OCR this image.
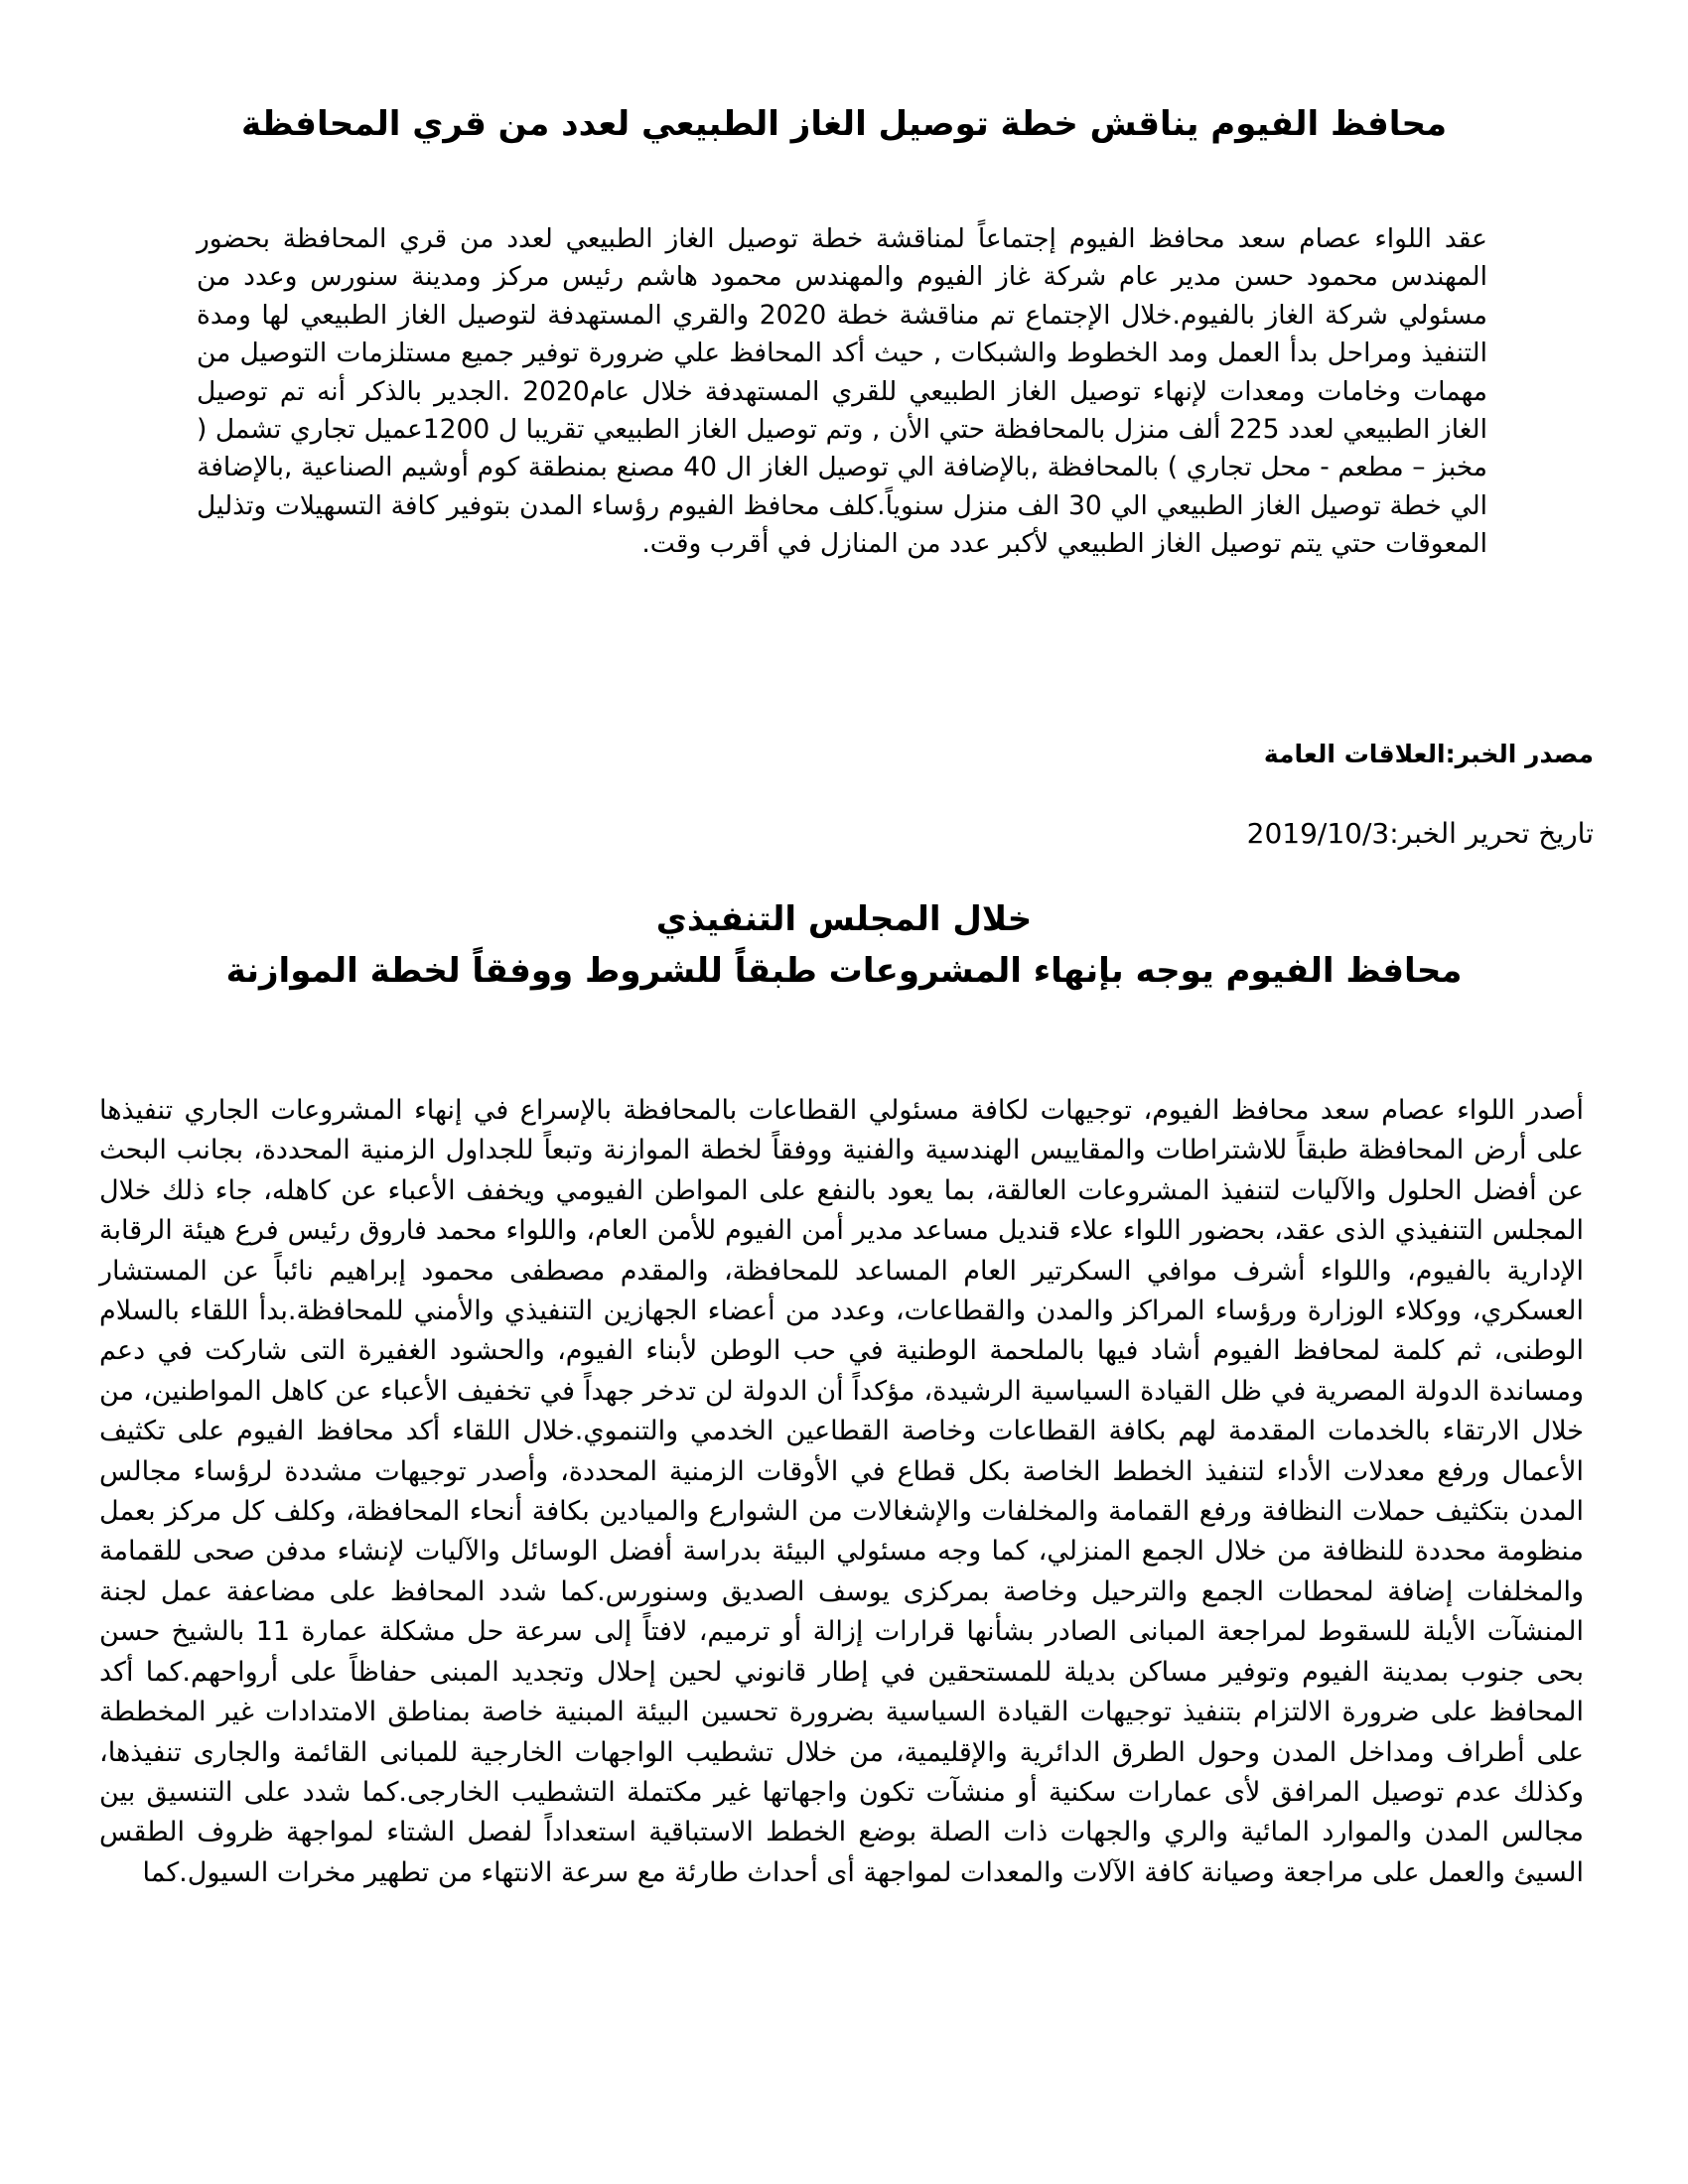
محافظ الفيوم يناقش خطة توصيل الغاز الطبيعي لعدد من قري المحافظة

عقد اللواء عصام سعد محافظ الفيوم إجتماعاً لمناقشة خطة توصيل الغاز الطبيعي لعدد من قري المحافظة بحضور المهندس محمود حسن مدير عام شركة غاز الفيوم والمهندس محمود هاشم رئيس مركز ومدينة سنورس وعدد من مسئولي شركة الغاز بالفيوم.خلال الإجتماع تم مناقشة خطة 2020 والقري المستهدفة لتوصيل الغاز الطبيعي لها ومدة التنفيذ ومراحل بدأ العمل ومد الخطوط والشبكات , حيث أكد المحافظ علي ضرورة توفير جميع مستلزمات التوصيل من مهمات وخامات ومعدات لإنهاء توصيل الغاز الطبيعي للقري المستهدفة خلال عام2020 .الجدير بالذكر أنه تم توصيل الغاز الطبيعي لعدد 225 ألف منزل بالمحافظة حتي الأن , وتم توصيل الغاز الطبيعي تقريبا ل 1200عميل تجاري تشمل ( مخبز – مطعم - محل تجاري ) بالمحافظة ,بالإضافة الي توصيل الغاز ال 40 مصنع بمنطقة كوم أوشيم الصناعية ,بالإضافة الي خطة توصيل الغاز الطبيعي الي 30 الف منزل سنوياً.كلف محافظ الفيوم رؤساء المدن بتوفير كافة التسهيلات وتذليل المعوقات حتي يتم توصيل الغاز الطبيعي لأكبر عدد من المنازل في أقرب وقت.

مصدر الخبر:العلاقات العامة

تاريخ تحرير الخبر:2019/10/3

خلال المجلس التنفيذي
محافظ الفيوم يوجه بإنهاء المشروعات طبقاً للشروط ووفقاً لخطة الموازنة

أصدر اللواء عصام سعد محافظ الفيوم، توجيهات لكافة مسئولي القطاعات بالمحافظة بالإسراع في إنهاء المشروعات الجاري تنفيذها على أرض المحافظة طبقاً للاشتراطات والمقاييس الهندسية والفنية ووفقاً لخطة الموازنة وتبعاً للجداول الزمنية المحددة، بجانب البحث عن أفضل الحلول والآليات لتنفيذ المشروعات العالقة، بما يعود بالنفع على المواطن الفيومي ويخفف الأعباء عن كاهله، جاء ذلك خلال المجلس التنفيذي الذى عقد، بحضور اللواء علاء قنديل مساعد مدير أمن الفيوم للأمن العام، واللواء محمد فاروق رئيس فرع هيئة الرقابة الإدارية بالفيوم، واللواء أشرف موافي السكرتير العام المساعد للمحافظة، والمقدم مصطفى محمود إبراهيم نائباً عن المستشار العسكري، ووكلاء الوزارة ورؤساء المراكز والمدن والقطاعات، وعدد من أعضاء الجهازين التنفيذي والأمني للمحافظة.بدأ اللقاء بالسلام الوطنى، ثم كلمة لمحافظ الفيوم أشاد فيها بالملحمة الوطنية في حب الوطن لأبناء الفيوم، والحشود الغفيرة التى شاركت في دعم ومساندة الدولة المصرية في ظل القيادة السياسية الرشيدة، مؤكداً أن الدولة لن تدخر جهداً في تخفيف الأعباء عن كاهل المواطنين، من خلال الارتقاء بالخدمات المقدمة لهم بكافة القطاعات وخاصة القطاعين الخدمي والتنموي.خلال اللقاء أكد محافظ الفيوم على تكثيف الأعمال ورفع معدلات الأداء لتنفيذ الخطط الخاصة بكل قطاع في الأوقات الزمنية المحددة، وأصدر توجيهات مشددة لرؤساء مجالس المدن بتكثيف حملات النظافة ورفع القمامة والمخلفات والإشغالات من الشوارع والميادين بكافة أنحاء المحافظة، وكلف كل مركز بعمل منظومة محددة للنظافة من خلال الجمع المنزلي، كما وجه مسئولي البيئة بدراسة أفضل الوسائل والآليات لإنشاء مدفن صحى للقمامة والمخلفات إضافة لمحطات الجمع والترحيل وخاصة بمركزى يوسف الصديق وسنورس.كما شدد المحافظ على مضاعفة عمل لجنة المنشآت الأيلة للسقوط لمراجعة المبانى الصادر بشأنها قرارات إزالة أو ترميم، لافتاً إلى سرعة حل مشكلة عمارة 11 بالشيخ حسن بحى جنوب بمدينة الفيوم وتوفير مساكن بديلة للمستحقين في إطار قانوني لحين إحلال وتجديد المبنى حفاظاً على أرواحهم.كما أكد المحافظ على ضرورة الالتزام بتنفيذ توجيهات القيادة السياسية بضرورة تحسين البيئة المبنية خاصة بمناطق الامتدادات غير المخططة على أطراف ومداخل المدن وحول الطرق الدائرية والإقليمية، من خلال تشطيب الواجهات الخارجية للمبانى القائمة والجارى تنفيذها، وكذلك عدم توصيل المرافق لأى عمارات سكنية أو منشآت تكون واجهاتها غير مكتملة التشطيب الخارجى.كما شدد على التنسيق بين مجالس المدن والموارد المائية والري والجهات ذات الصلة بوضع الخطط الاستباقية استعداداً لفصل الشتاء لمواجهة ظروف الطقس السيئ والعمل على مراجعة وصيانة كافة الآلات والمعدات لمواجهة أى أحداث طارئة مع سرعة الانتهاء من تطهير مخرات السيول.كما
